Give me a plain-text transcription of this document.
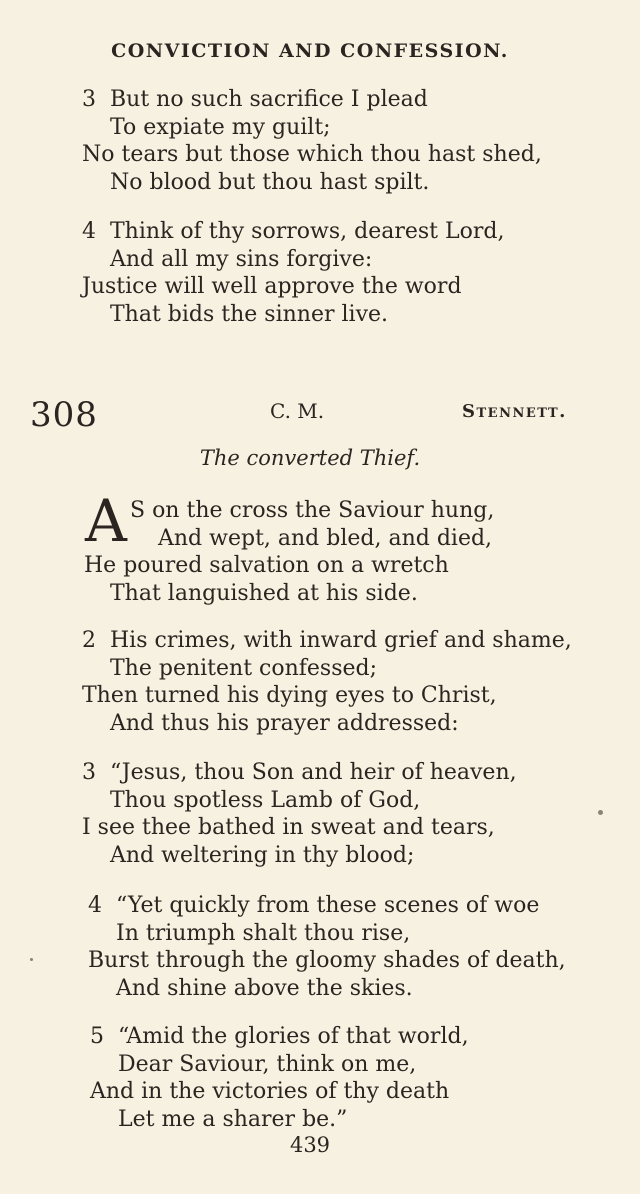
CONVICTION AND CONFESSION.
3 But no such sacrifice I plead
To expiate my guilt;
No tears but those which thou hast shed,
No blood but thou hast spilt.
4 Think of thy sorrows, dearest Lord,
And all my sins forgive:
Justice will well approve the word
That bids the sinner live.
308	C. M.	Stennett.
The converted Thief.
A S on the cross the Saviour hung,
And wept, and bled, and died,
He poured salvation on a wretch
That languished at his side.
2 His crimes, with inward grief and shame,
The penitent confessed;
Then turned his dying eyes to Christ,
And thus his prayer addressed:
3 “Jesus, thou Son and heir of heaven,
Thou spotless Lamb of God,
I see thee bathed in sweat and tears,
And weltering in thy blood;
4 “Yet quickly from these scenes of woe
In triumph shalt thou rise,
Burst through the gloomy shades of death,
And shine above the skies.
5 “Amid the glories of that world,
Dear Saviour, think on me,
And in the victories of thy death
Let me a sharer be.”
439
